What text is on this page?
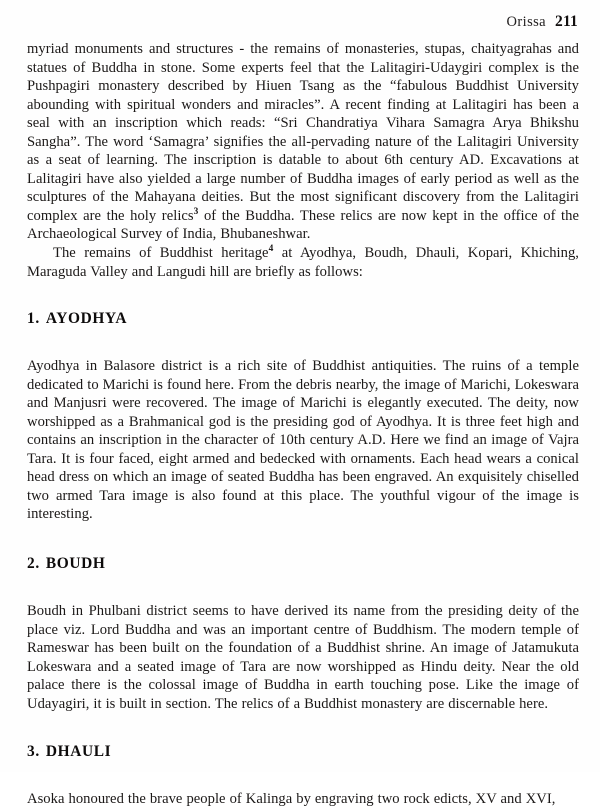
Orissa 211

myriad monuments and structures - the remains of monasteries, stupas, chaityagrahas and statues of Buddha in stone. Some experts feel that the Lalitagiri-Udaygiri complex is the Pushpagiri monastery described by Hiuen Tsang as the “fabulous Buddhist University abounding with spiritual wonders and miracles”. A recent finding at Lalitagiri has been a seal with an inscription which reads: “Sri Chandratiya Vihara Samagra Arya Bhikshu Sangha”. The word ‘Samagra’ signifies the all-pervading nature of the Lalitagiri University as a seat of learning. The inscription is datable to about 6th century AD. Excavations at Lalitagiri have also yielded a large number of Buddha images of early period as well as the sculptures of the Mahayana deities. But the most significant discovery from the Lalitagiri complex are the holy relics$^3$ of the Buddha. These relics are now kept in the office of the Archaeological Survey of India, Bhubaneshwar.

The remains of Buddhist heritage$^4$ at Ayodhya, Boudh, Dhauli, Kopari, Khiching, Maraguda Valley and Langudi hill are briefly as follows:

1. AYODHYA

Ayodhya in Balasore district is a rich site of Buddhist antiquities. The ruins of a temple dedicated to Marichi is found here. From the debris nearby, the image of Marichi, Lokeswara and Manjusri were recovered. The image of Marichi is elegantly executed. The deity, now worshipped as a Brahmanical god is the presiding god of Ayodhya. It is three feet high and contains an inscription in the character of 10th century A.D. Here we find an image of Vajra Tara. It is four faced, eight armed and bedecked with ornaments. Each head wears a conical head dress on which an image of seated Buddha has been engraved. An exquisitely chiselled two armed Tara image is also found at this place. The youthful vigour of the image is interesting.

2. BOUDH

Boudh in Phulbani district seems to have derived its name from the presiding deity of the place viz. Lord Buddha and was an important centre of Buddhism. The modern temple of Rameswar has been built on the foundation of a Buddhist shrine. An image of Jatamukuta Lokeswara and a seated image of Tara are now worshipped as Hindu deity. Near the old palace there is the colossal image of Buddha in earth touching pose. Like the image of Udayagiri, it is built in section. The relics of a Buddhist monastery are discernable here.

3. DHAULI

Asoka honoured the brave people of Kalinga by engraving two rock edicts, XV and XVI,
